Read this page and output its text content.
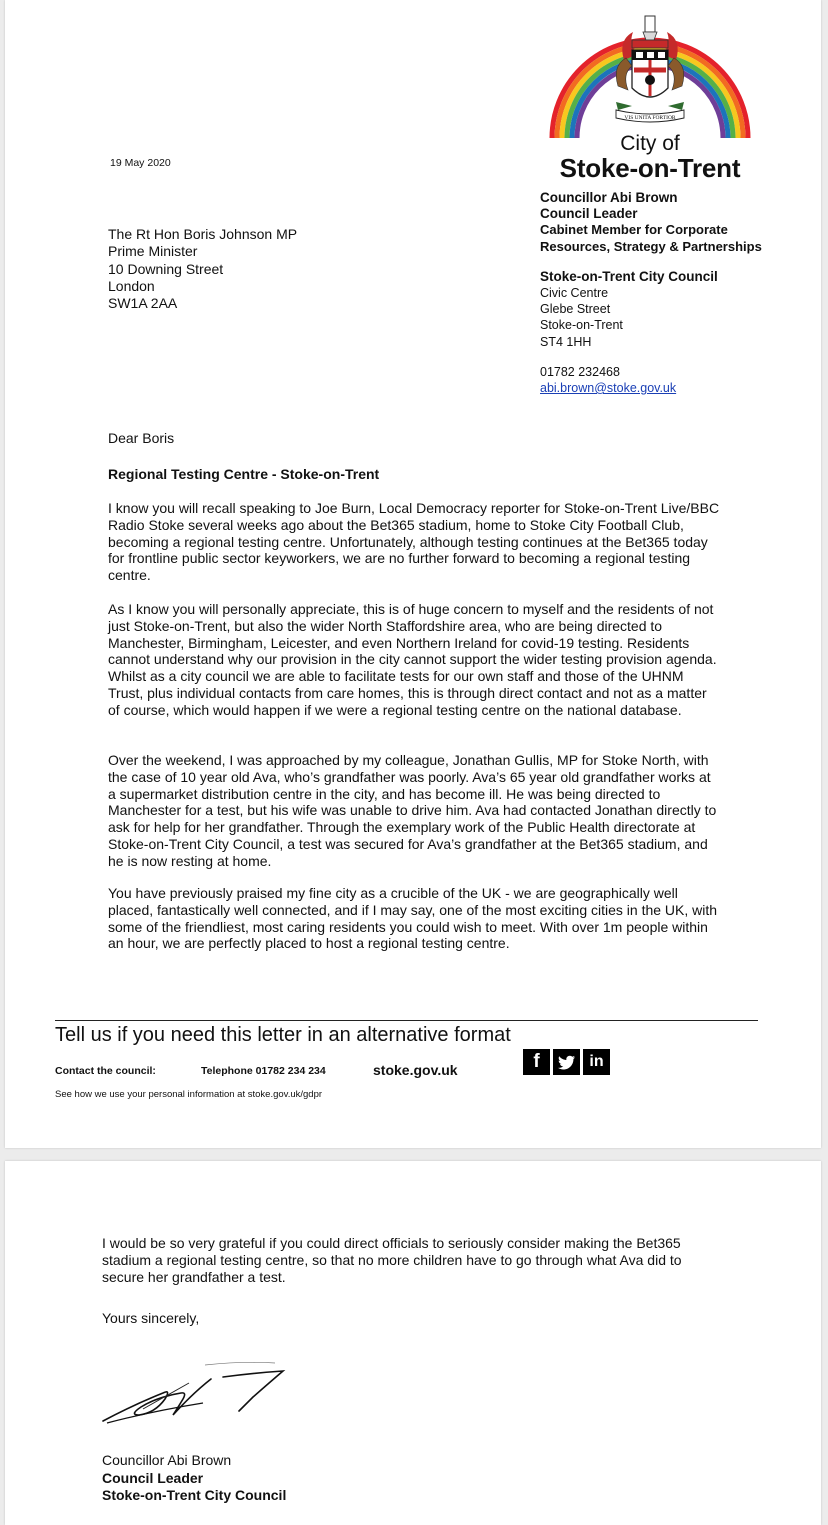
VIS UNITA FORTIOR
City of
Stoke-on-Trent
19 May 2020
The Rt Hon Boris Johnson MP
Prime Minister
10 Downing Street
London
SW1A 2AA
Councillor Abi Brown
Council Leader
Cabinet Member for Corporate
Resources, Strategy & Partnerships
Stoke-on-Trent City Council
Civic Centre
Glebe Street
Stoke-on-Trent
ST4 1HH
01782 232468
abi.brown@stoke.gov.uk
Dear Boris
Regional Testing Centre - Stoke-on-Trent
I know you will recall speaking to Joe Burn, Local Democracy reporter for Stoke-on-Trent Live/BBC
Radio Stoke several weeks ago about the Bet365 stadium, home to Stoke City Football Club,
becoming a regional testing centre. Unfortunately, although testing continues at the Bet365 today
for frontline public sector keyworkers, we are no further forward to becoming a regional testing
centre.
As I know you will personally appreciate, this is of huge concern to myself and the residents of not
just Stoke-on-Trent, but also the wider North Staffordshire area, who are being directed to
Manchester, Birmingham, Leicester, and even Northern Ireland for covid-19 testing. Residents
cannot understand why our provision in the city cannot support the wider testing provision agenda.
Whilst as a city council we are able to facilitate tests for our own staff and those of the UHNM
Trust, plus individual contacts from care homes, this is through direct contact and not as a matter
of course, which would happen if we were a regional testing centre on the national database.
Over the weekend, I was approached by my colleague, Jonathan Gullis, MP for Stoke North, with
the case of 10 year old Ava, who’s grandfather was poorly. Ava’s 65 year old grandfather works at
a supermarket distribution centre in the city, and has become ill. He was being directed to
Manchester for a test, but his wife was unable to drive him. Ava had contacted Jonathan directly to
ask for help for her grandfather. Through the exemplary work of the Public Health directorate at
Stoke-on-Trent City Council, a test was secured for Ava’s grandfather at the Bet365 stadium, and
he is now resting at home.
You have previously praised my fine city as a crucible of the UK - we are geographically well
placed, fantastically well connected, and if I may say, one of the most exciting cities in the UK, with
some of the friendliest, most caring residents you could wish to meet. With over 1m people within
an hour, we are perfectly placed to host a regional testing centre.
Tell us if you need this letter in an alternative format
Contact the council:	Telephone 01782 234 234	stoke.gov.uk	f	in
See how we use your personal information at stoke.gov.uk/gdpr
I would be so very grateful if you could direct officials to seriously consider making the Bet365
stadium a regional testing centre, so that no more children have to go through what Ava did to
secure her grandfather a test.
Yours sincerely,
Councillor Abi Brown
Council Leader
Stoke-on-Trent City Council
